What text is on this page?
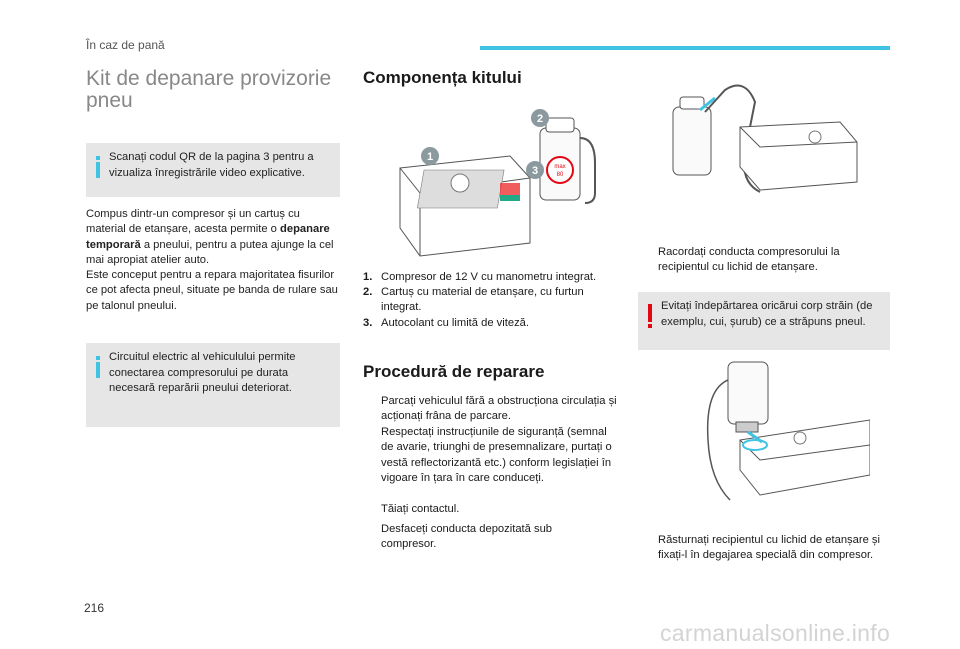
În caz de pană
Kit de depanare provizorie pneu
Scanați codul QR de la pagina 3 pentru a vizualiza înregistrările video explicative.
Compus dintr-un compresor și un cartuș cu material de etanșare, acesta permite o depanare temporară a pneului, pentru a putea ajunge la cel mai apropiat atelier auto.
Este conceput pentru a repara majoritatea fisurilor ce pot afecta pneul, situate pe banda de rulare sau pe talonul pneului.
Circuitul electric al vehiculului permite conectarea compresorului pe durata necesară reparării pneului deteriorat.
Componența kitului
max
80
1
2
3
1. Compresor de 12 V cu manometru integrat.
2. Cartuș cu material de etanșare, cu furtun integrat.
3. Autocolant cu limită de viteză.
Procedură de reparare
Parcați vehiculul fără a obstrucționa circulația și acționați frâna de parcare.
Respectați instrucțiunile de siguranță (semnal de avarie, triunghi de presemnalizare, purtați o vestă reflectorizantă etc.) conform legislației în vigoare în țara în care conduceți.
Tăiați contactul.
Desfaceți conducta depozitată sub compresor.
Racordați conducta compresorului la recipientul cu lichid de etanșare.
Evitați îndepărtarea oricărui corp străin (de exemplu, cui, șurub) ce a străpuns pneul.
Răsturnați recipientul cu lichid de etanșare și fixați-l în degajarea specială din compresor.
216
carmanualsonline.info
